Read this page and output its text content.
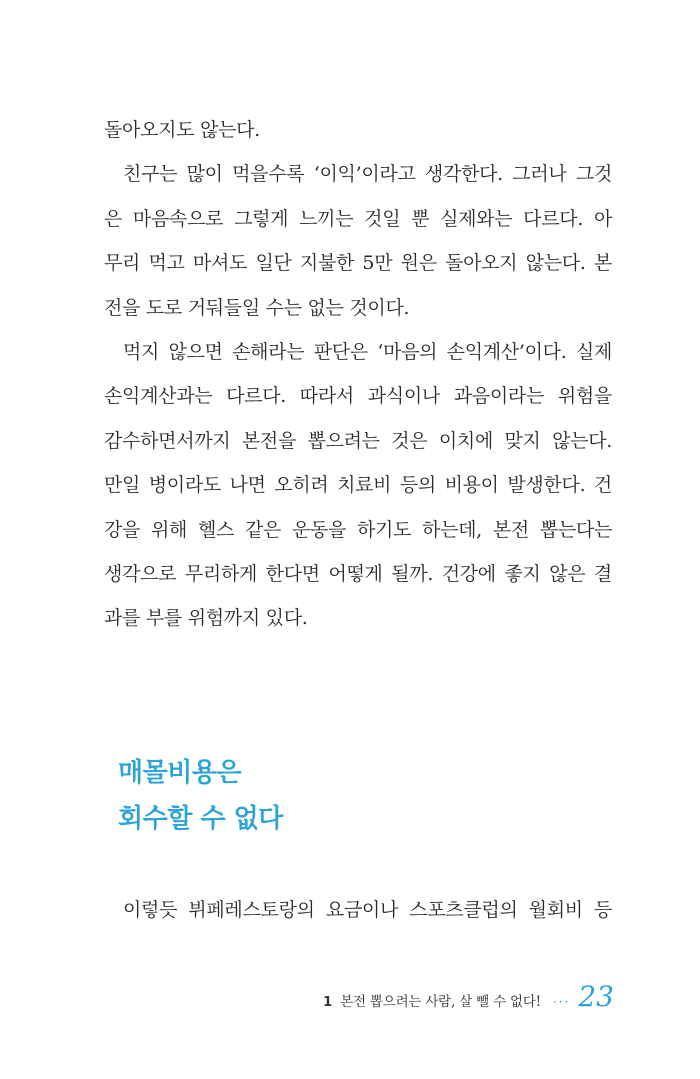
돌아오지도 않는다.
친구는 많이 먹을수록 ‘이익’이라고 생각한다. 그러나 그것
은 마음속으로 그렇게 느끼는 것일 뿐 실제와는 다르다. 아
무리 먹고 마셔도 일단 지불한 5만 원은 돌아오지 않는다. 본
전을 도로 거둬들일 수는 없는 것이다.
먹지 않으면 손해라는 판단은 ‘마음의 손익계산’이다. 실제
손익계산과는 다르다. 따라서 과식이나 과음이라는 위험을
감수하면서까지 본전을 뽑으려는 것은 이치에 맞지 않는다.
만일 병이라도 나면 오히려 치료비 등의 비용이 발생한다. 건
강을 위해 헬스 같은 운동을 하기도 하는데, 본전 뽑는다는
생각으로 무리하게 한다면 어떻게 될까. 건강에 좋지 않은 결
과를 부를 위험까지 있다.
매몰비용은
회수할 수 없다
이렇듯 뷔페레스토랑의 요금이나 스포츠클럽의 월회비 등
1 본전 뽑으려는 사람, 살 뺄 수 없다! ··· 23
